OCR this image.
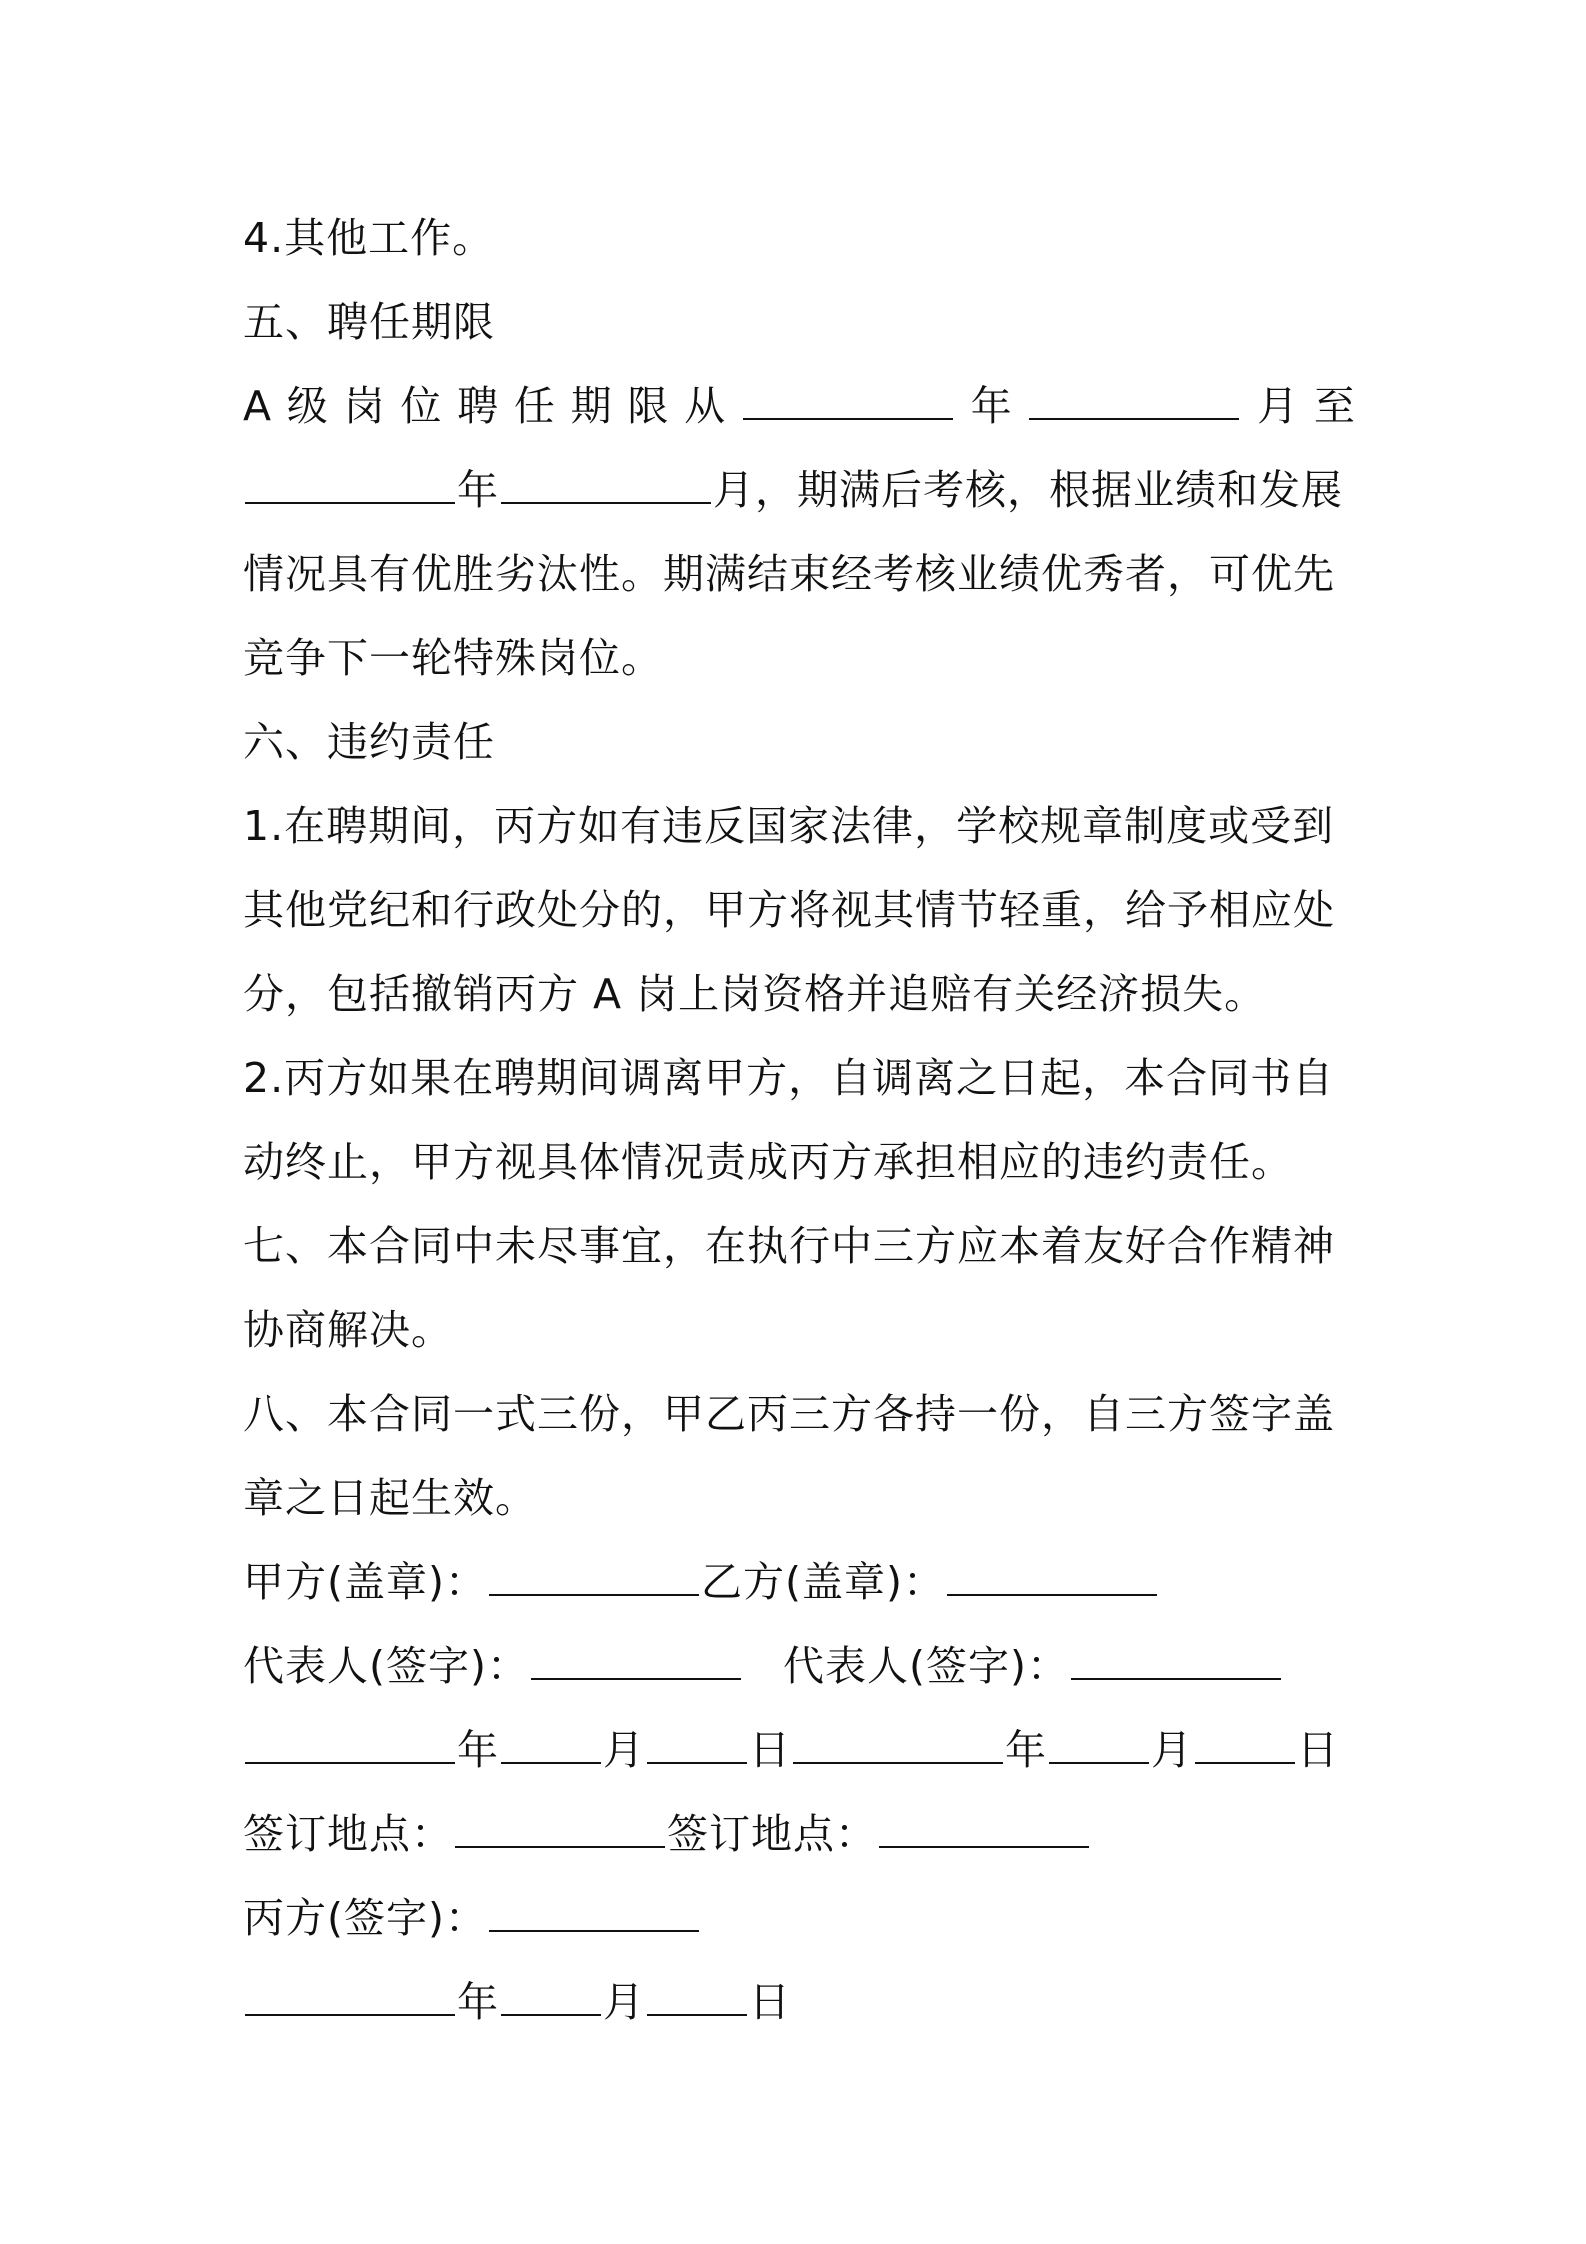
4.其他工作。
五、聘任期限
A 级 岗 位 聘 任 期 限 从	年	月 至
年	月，期满后考核，根据业绩和发展
情况具有优胜劣汰性。期满结束经考核业绩优秀者，可优先
竞争下一轮特殊岗位。
六、违约责任
1.在聘期间，丙方如有违反国家法律，学校规章制度或受到
其他党纪和行政处分的，甲方将视其情节轻重，给予相应处
分，包括撤销丙方 A 岗上岗资格并追赔有关经济损失。
2.丙方如果在聘期间调离甲方，自调离之日起，本合同书自
动终止，甲方视具体情况责成丙方承担相应的违约责任。
七、本合同中未尽事宜，在执行中三方应本着友好合作精神
协商解决。
八、本合同一式三份，甲乙丙三方各持一份，自三方签字盖
章之日起生效。
甲方(盖章)：	乙方(盖章)：
代表人(签字)：	代表人(签字)：
年	月	日	年	月	日
签订地点：	签订地点：
丙方(签字)：
年	月	日
